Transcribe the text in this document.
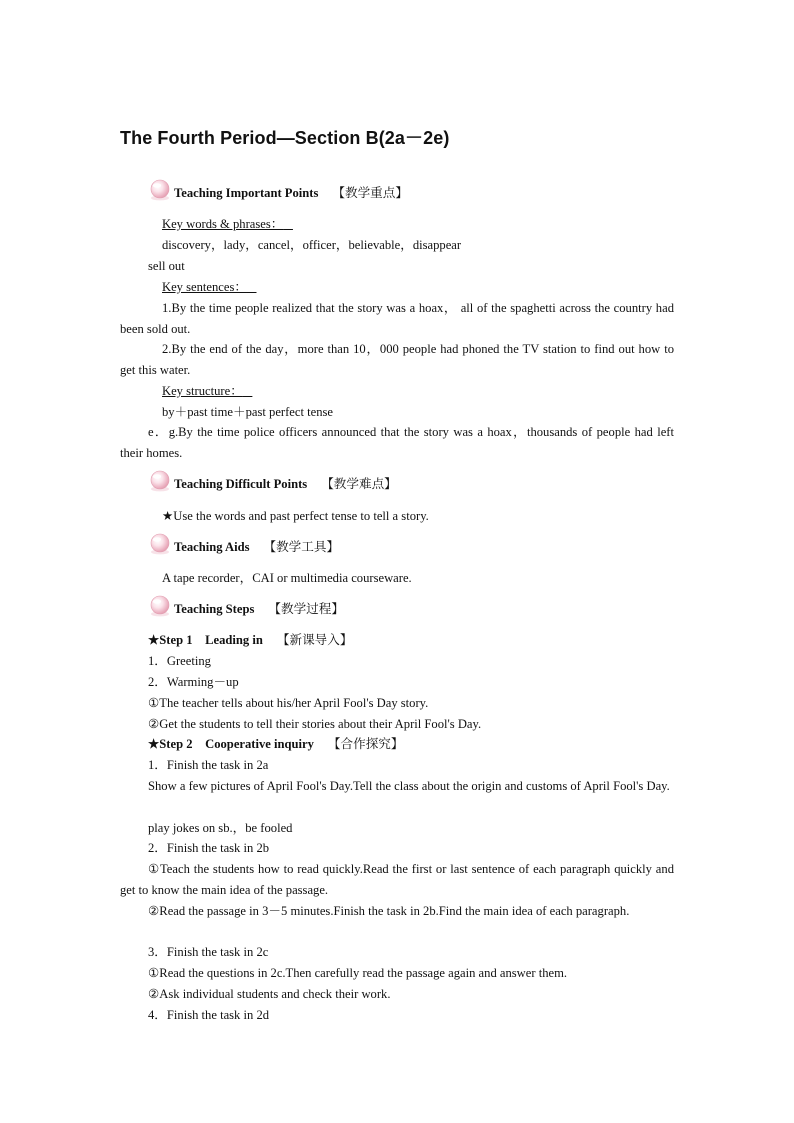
The Fourth Period—Section B(2a－2e)
Teaching Important Points 【教学重点】
Key words & phrases：
discovery，lady，cancel，officer，believable，disappear
sell out
Key sentences：
1.By the time people realized that the story was a hoax， all of the spaghetti across the country had been sold out.
2.By the end of the day，more than 10，000 people had phoned the TV station to find out how to get this water.
Key structure：
by＋past time＋past perfect tense
e．g.By the time police officers announced that the story was a hoax，thousands of people had left their homes.
Teaching Difficult Points 【教学难点】
★Use the words and past perfect tense to tell a story.
Teaching Aids 【教学工具】
A tape recorder，CAI or multimedia courseware.
Teaching Steps 【教学过程】
★Step 1　Leading in 【新课导入】
1．Greeting
2．Warming－up
①The teacher tells about his/her April Fool's Day story.
②Get the students to tell their stories about their April Fool's Day.
★Step 2　Cooperative inquiry 【合作探究】
1．Finish the task in 2a
Show a few pictures of April Fool's Day.Tell the class about the origin and customs of April Fool's Day.
play jokes on sb.，be fooled
2．Finish the task in 2b
①Teach the students how to read quickly.Read the first or last sentence of each paragraph quickly and get to know the main idea of the passage.
②Read the passage in 3－5 minutes.Finish the task in 2b.Find the main idea of each paragraph.
3．Finish the task in 2c
①Read the questions in 2c.Then carefully read the passage again and answer them.
②Ask individual students and check their work.
4．Finish the task in 2d
